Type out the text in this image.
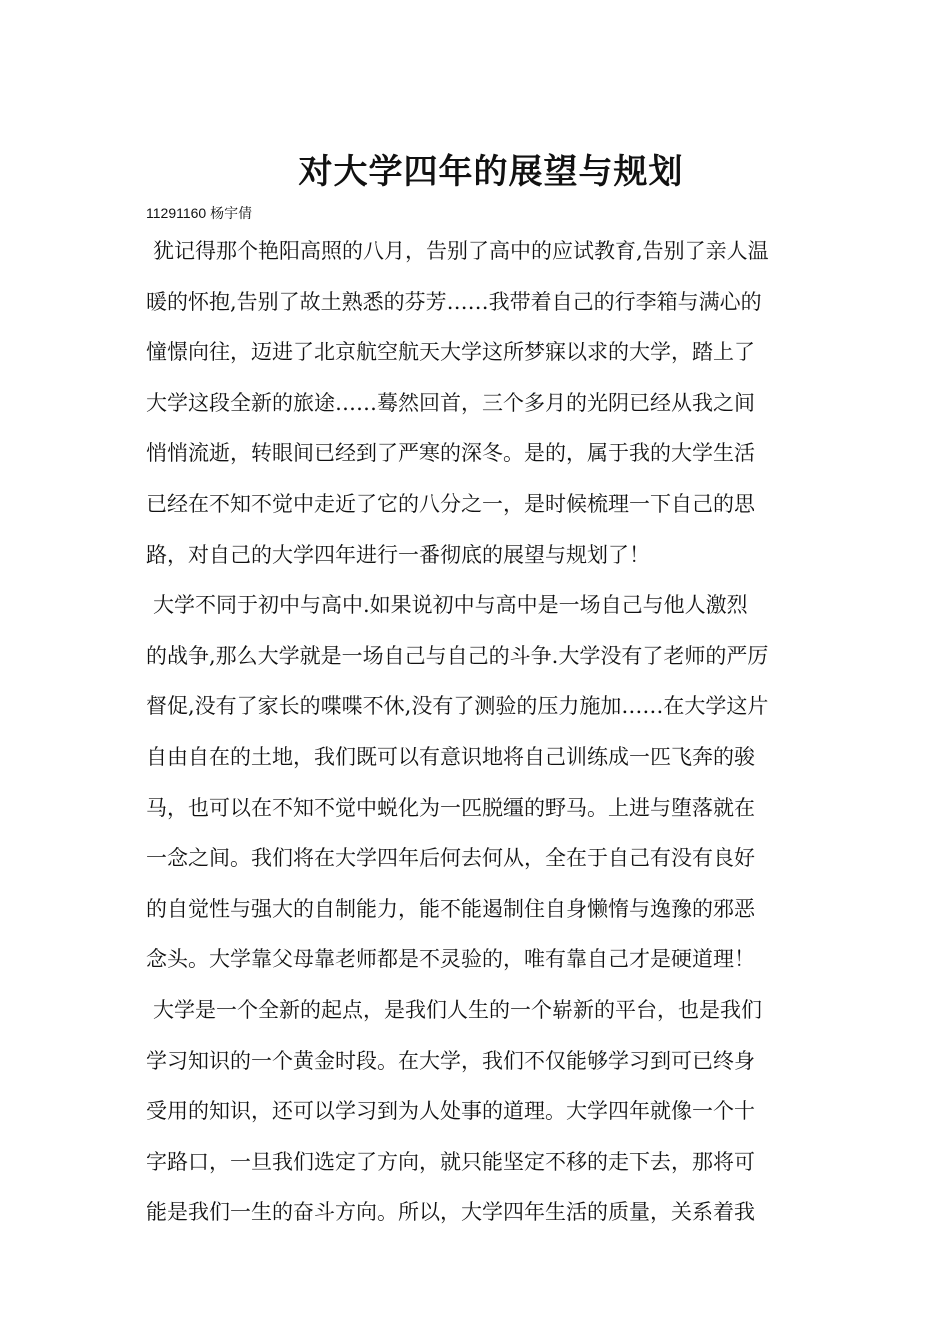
对大学四年的展望与规划
11291160 杨宇倩
犹记得那个艳阳高照的八月，告别了高中的应试教育,告别了亲人温
暖的怀抱,告别了故土熟悉的芬芳……我带着自己的行李箱与满心的
憧憬向往，迈进了北京航空航天大学这所梦寐以求的大学，踏上了
大学这段全新的旅途……蓦然回首，三个多月的光阴已经从我之间
悄悄流逝，转眼间已经到了严寒的深冬。是的，属于我的大学生活
已经在不知不觉中走近了它的八分之一，是时候梳理一下自己的思
路，对自己的大学四年进行一番彻底的展望与规划了！
大学不同于初中与高中.如果说初中与高中是一场自己与他人激烈
的战争,那么大学就是一场自己与自己的斗争.大学没有了老师的严厉
督促,没有了家长的喋喋不休,没有了测验的压力施加……在大学这片
自由自在的土地，我们既可以有意识地将自己训练成一匹飞奔的骏
马，也可以在不知不觉中蜕化为一匹脱缰的野马。上进与堕落就在
一念之间。我们将在大学四年后何去何从，全在于自己有没有良好
的自觉性与强大的自制能力，能不能遏制住自身懒惰与逸豫的邪恶
念头。大学靠父母靠老师都是不灵验的，唯有靠自己才是硬道理！
大学是一个全新的起点，是我们人生的一个崭新的平台，也是我们
学习知识的一个黄金时段。在大学，我们不仅能够学习到可已终身
受用的知识，还可以学习到为人处事的道理。大学四年就像一个十
字路口，一旦我们选定了方向，就只能坚定不移的走下去，那将可
能是我们一生的奋斗方向。所以，大学四年生活的质量，关系着我
